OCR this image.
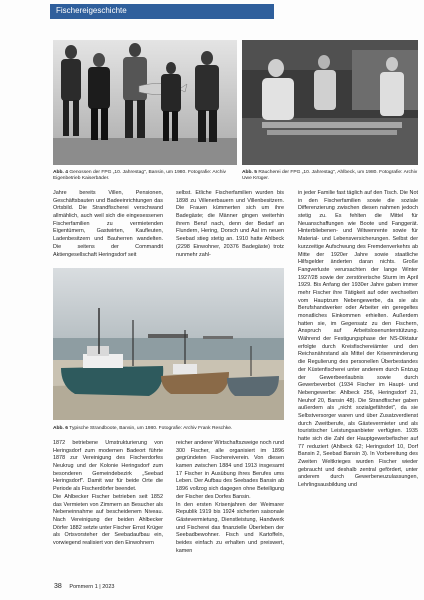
Fischereigeschichte
Abb. 4 Genossen der FPG „10. Jahrestag", Bansin, um 1980. Fotografie: Archiv Eigenbetrieb Kaiserbäder.
Abb. 5 Räucherei der FPG „10. Jahrestag", Ahlbeck, um 1980. Fotografie: Archiv Uwe Krüger.

Jahre bereits Villen, Pensionen, Geschäftsbauten und Badeeinrichtungen das Ortsbild. Die Strandfischerei verschwand allmählich, auch weil sich die eingesessenen Fischerfamilien zu vermietenden Eigentümern, Gastwirten, Kaufleuten, Ladenbesitzern und Bauherren wandelten. Die seitens der Commandit Aktiengesellschaft Heringsdorf seit

selbst. Etliche Fischerfamilien wurden bis 1898 zu Villenerbauern und Villenbesitzern. Die Frauen kümmerten sich um ihre Badegäste; die Männer gingen weiterhin ihrem Beruf nach, denn der Bedarf an Flundern, Hering, Dorsch und Aal im neuen Seebad stieg stetig an. 1910 hatte Ahlbeck (2298 Einwohner, 20376 Badegäste) trotz nunmehr zahl-

Abb. 6 Typische Strandboote, Bansin, um 1980. Fotografie: Archiv Frank Reschke.

1872 betriebene Umstrukturierung von Heringsdorf zum modernen Badeort führte 1878 zur Vereinigung des Fischerdorfes Neukrug und der Kolonie Heringsdorf zum besonderen Gemeindebezirk „Seebad Heringsdorf". Damit war für beide Orte die Periode als Fischerdörfer beendet.

Die Ahlbecker Fischer betrieben seit 1852 das Vermieten von Zimmern an Besucher als Nebeneinnahme auf bescheidenem Niveau. Nach Vereinigung der beiden Ahlbecker Dörfer 1882 setzte unter Fischer Ernst Krüger als Ortsvorsteher der Seebadaufbau ein, vorwiegend realisiert von den Einwohnern

reicher anderer Wirtschaftszweige noch rund 300 Fischer, alle organisiert im 1896 gegründeten Fischereiverein. Von diesen kamen zwischen 1884 und 1913 insgesamt 17 Fischer in Ausübung ihres Berufes ums Leben. Der Aufbau des Seebades Bansin ab 1896 vollzog sich dagegen ohne Beteiligung der Fischer des Dorfes Bansin.

In den ersten Krisenjahren der Weimarer Republik 1919 bis 1924 sicherten saisonale Gästevermietung, Dienstleistung, Handwerk und Fischerei das finanzielle Überleben der Seebadbewohner. Fisch und Kartoffeln, beides einfach zu erhalten und preiswert, kamen

in jeder Familie fast täglich auf den Tisch. Die Not in den Fischerfamilien sowie die soziale Differenzierung zwischen diesen nahmen jedoch stetig zu. Es fehlten die Mittel für Neuanschaffungen wie Boote und Fanggerät. Hinterbliebenen- und Witwenrente sowie für Material- und Lebensversicherungen. Selbst der kurzzeitige Aufschwung des Fremdenverkehrs ab Mitte der 1920er Jahre sowie staatliche Hilfsgelder änderten daran nichts. Große Fangverluste verursachten der lange Winter 1927/28 sowie der zerstörerische Sturm im April 1929. Bis Anfang der 1930er Jahre gaben immer mehr Fischer ihre Tätigkeit auf oder wechselten vom Hauptzum Nebengewerbe, da sie als Berufshandwerker oder Arbeiter ein geregeltes monatliches Einkommen erhielten. Außerdem hatten sie, im Gegensatz zu den Fischern, Anspruch auf Arbeitslosenunterstützung. Während der Festigungsphase der NS-Diktatur erfolgte durch Kreisfischereiämter und den Reichsnährstand als Mittel der Krisenminderung die Regulierung des personellen Überbestandes der Küstenfischerei unter anderem durch Entzug der Gewerbeerlaubnis sowie durch Gewerbeverbot (1934 Fischer im Haupt- und Nebengewerbe: Ahlbeck 256, Heringsdorf 21, Neuhof 20, Bansin 48). Die Strandfischer gaben außerdem als „nicht sozialgefährdet", da sie Selbstversorger waren und über Zusatzverdienst durch Zweitberufe, als Gästevermieter und als touristischer Leistungsanbieter verfügten. 1935 hatte sich die Zahl der Hauptgewerbefischer auf 77 reduziert (Ahlbeck 62; Heringsdorf 10, Dorf Bansin 2, Seebad Bansin 3). In Vorbereitung des Zweiten Weltkrieges wurden Fischer wieder gebraucht und deshalb zentral gefördert, unter anderem durch Gewerbeneuzulassungen, Lehrlingsausbildung und

38 Pommern 1 | 2023
